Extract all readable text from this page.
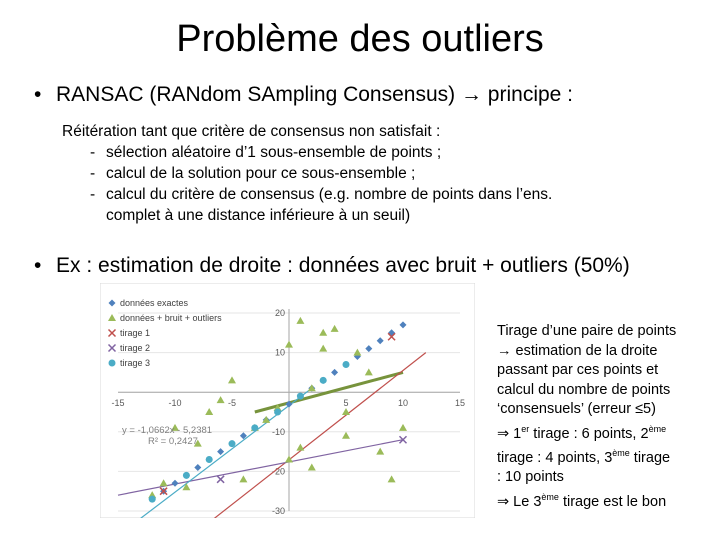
Problème des outliers
• RANSAC (RANdom SAmpling Consensus) → principe :
Réitération tant que critère de consensus non satisfait :
- sélection aléatoire d’1 sous-ensemble de points ;
- calcul de la solution pour ce sous-ensemble ;
- calcul du critère de consensus (e.g. nombre de points dans l’ens.
complet à une distance inférieure à un seuil)
• Ex : estimation de droite : données avec bruit + outliers (50%)
-15	-10	-5	5	10	15
20
10
-10
-20
-30
données exactes
données + bruit + outliers
tirage 1
tirage 2
tirage 3
y = -1,0662x - 5,2381
R² = 0,2427
Tirage d’une paire de points
→ estimation de la droite
passant par ces points et
calcul du nombre de points
‘consensuels’ (erreur ≤5)
⇒ 1er tirage : 6 points, 2ème
tirage : 4 points, 3ème tirage
: 10 points
⇒ Le 3ème tirage est le bon
